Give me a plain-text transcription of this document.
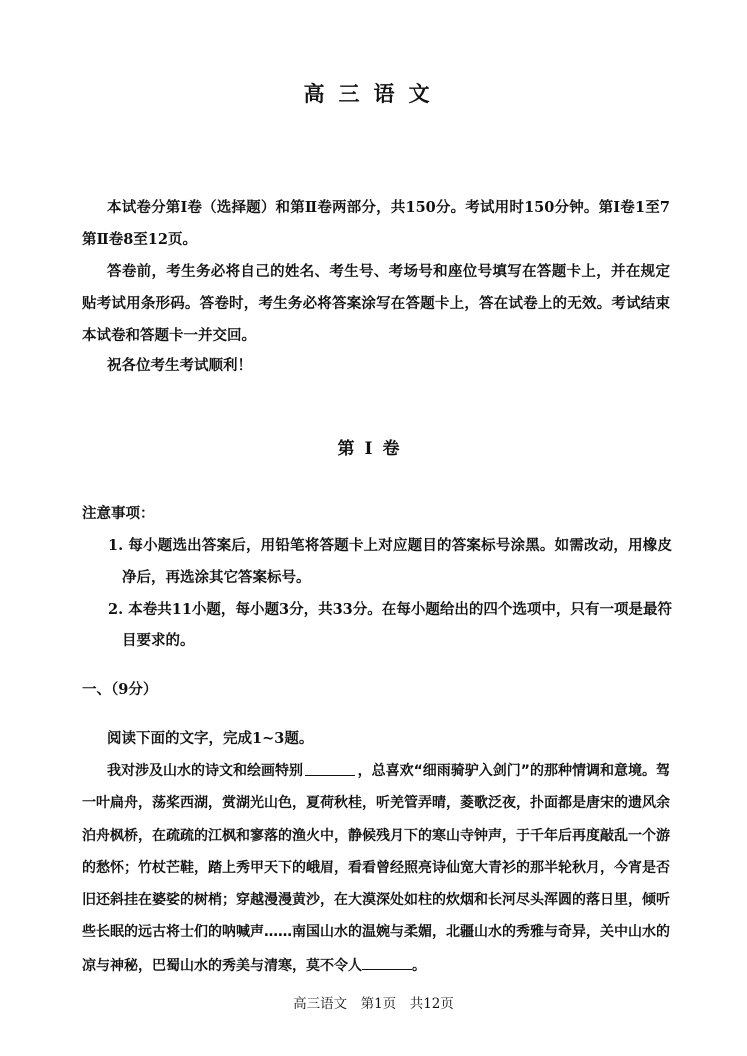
高三语文
本试卷分第Ⅰ卷（选择题）和第Ⅱ卷两部分，共150分。考试用时150分钟。第Ⅰ卷1至7
第Ⅱ卷8至12页。
答卷前，考生务必将自己的姓名、考生号、考场号和座位号填写在答题卡上，并在规定
贴考试用条形码。答卷时，考生务必将答案涂写在答题卡上，答在试卷上的无效。考试结束
本试卷和答题卡一并交回。
祝各位考生考试顺利！
第Ⅰ卷
注意事项：
1. 每小题选出答案后，用铅笔将答题卡上对应题目的答案标号涂黑。如需改动，用橡皮
净后，再选涂其它答案标号。
2. 本卷共11小题，每小题3分，共33分。在每小题给出的四个选项中，只有一项是最符
目要求的。
一、（9分）
阅读下面的文字，完成1~3题。
我对涉及山水的诗文和绘画特别	，总喜欢“细雨骑驴入剑门”的那种情调和意境。驾
一叶扁舟，荡桨西湖，赏湖光山色，夏荷秋桂，听羌管弄晴，菱歌泛夜，扑面都是唐宋的遗风余
泊舟枫桥，在疏疏的江枫和寥落的渔火中，静候残月下的寒山寺钟声，于千年后再度敲乱一个游
的愁怀；竹杖芒鞋，踏上秀甲天下的峨眉，看看曾经照亮诗仙宽大青衫的那半轮秋月，今宵是否
旧还斜挂在婆娑的树梢；穿越漫漫黄沙，在大漠深处如柱的炊烟和长河尽头浑圆的落日里，倾听
些长眠的远古将士们的呐喊声……南国山水的温婉与柔媚，北疆山水的秀雅与奇异，关中山水的
凉与神秘，巴蜀山水的秀美与清寒，莫不令人	。
高三语文　第1页　共12页
